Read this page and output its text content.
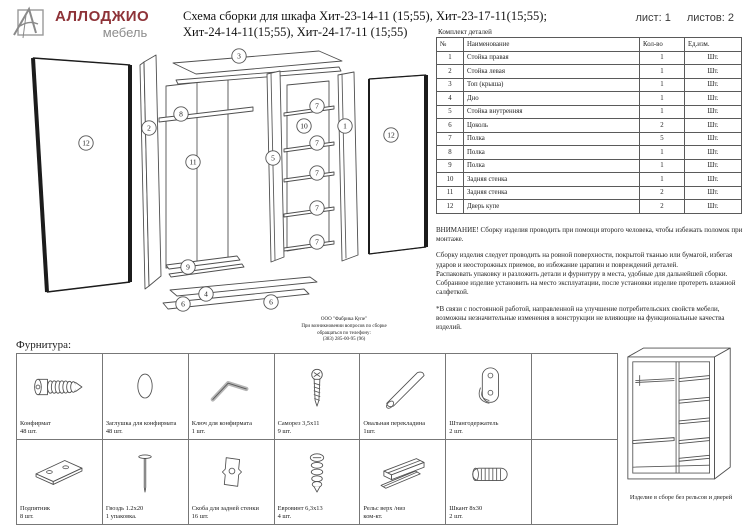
АЛЛОДЖИО
мебель
Схема сборки для шкафа Хит-23-14-11 (15;55), Хит-23-17-11(15;55);
Хит-24-14-11(15;55), Хит-24-17-11 (15;55)
лист: 1 листов: 2
12
2
8
11
9
6
4
3
5
10
7
7
7
7
7
1
12
6
Комплект деталей
№	Наименование	Кол-во	Ед.изм.
1	Стойка правая	1	Шт.
2	Стойка левая	1	Шт.
3	Топ (крыша)	1	Шт.
4	Дно	1	Шт.
5	Стойка внутренняя	1	Шт.
6	Цоколь	2	Шт.
7	Полка	5	Шт.
8	Полка	1	Шт.
9	Полка	1	Шт.
10	Задняя стенка	1	Шт.
11	Задняя стенка	2	Шт.
12	Дверь купе	2	Шт.
ВНИМАНИЕ! Сборку изделия проводить при помощи второго человека, чтобы избежать поломок при монтаже.
Сборку изделия следует проводить на ровной поверхности, покрытой тканью или бумагой, избегая ударов и неосторожных приемов, во избежание царапин и повреждений деталей.
Распаковать упаковку и разложить детали и фурнитуру в места, удобные для дальнейшей сборки.
Собранное изделие установить на место эксплуатации, после установки изделие протереть влажной салфеткой.
*В связи с постоянной работой, направленной на улучшение потребительских свойств мебели, возможны незначительные изменения в конструкции не влияющие на функциональные качества изделий.
ООО "Фабрика Купе"
При возникновении вопросов по сборке
обращаться по телефону:
(383) 285-00-95 (96)
Фурнитура:
Конфирмат
48 шт.
Заглушка для конфирмата
48 шт.
Ключ для конфирмата
1 шт.
Саморез 3,5х11
9 шт.
Овальная перекладина
1шт.
Штангодержатель
2 шт.
Подпятник
8 шт.
Гвоздь 1.2х20
1 упаковка.
Скоба для задней стенки
16 шт.
Евровинт 6,3х13
4 шт.
Рельс верх /низ
ком-кт.
Шкант 8х30
2 шт.
Изделие в сборе без рельсов и дверей
